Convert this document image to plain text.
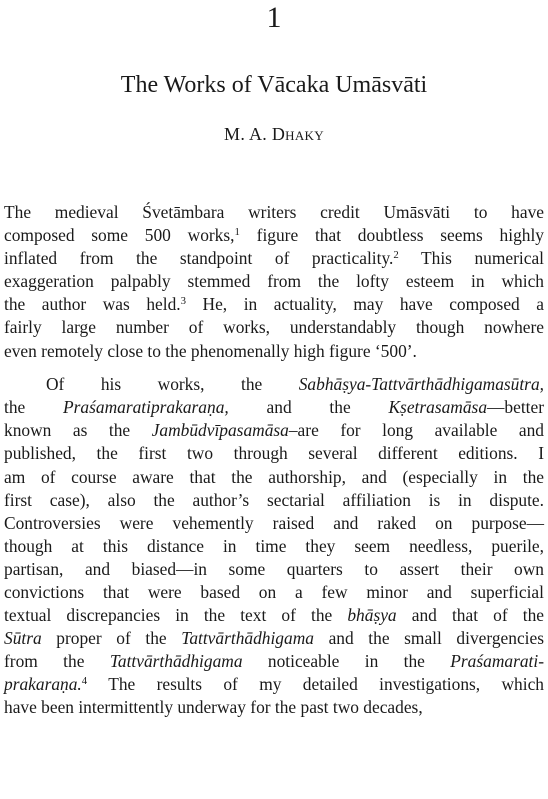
1
The Works of Vācaka Umāsvāti
M. A. Dhaky
The medieval Śvetāmbara writers credit Umāsvāti to have
composed some 500 works,$^1$ figure that doubtless seems highly
inflated from the standpoint of practicality.$^2$ This numerical
exaggeration palpably stemmed from the lofty esteem in which
the author was held.$^3$ He, in actuality, may have composed a
fairly large number of works, understandably though nowhere
even remotely close to the phenomenally high figure ‘500’.
Of his works, the Sabhāṣya-Tattvārthādhigamasūtra,
the Praśamaratiprakaraṇa, and the Kṣetrasamāsa—better
known as the Jambūdvīpasamāsa–are for long available and
published, the first two through several different editions. I
am of course aware that the authorship, and (especially in the
first case), also the author’s sectarial affiliation is in dispute.
Controversies were vehemently raised and raked on purpose—
though at this distance in time they seem needless, puerile,
partisan, and biased—in some quarters to assert their own
convictions that were based on a few minor and superficial
textual discrepancies in the text of the bhāṣya and that of the
Sūtra proper of the Tattvārthādhigama and the small divergencies
from the Tattvārthādhigama noticeable in the Praśamarati-
prakaraṇa.$^4$ The results of my detailed investigations, which
have been intermittently underway for the past two decades,
